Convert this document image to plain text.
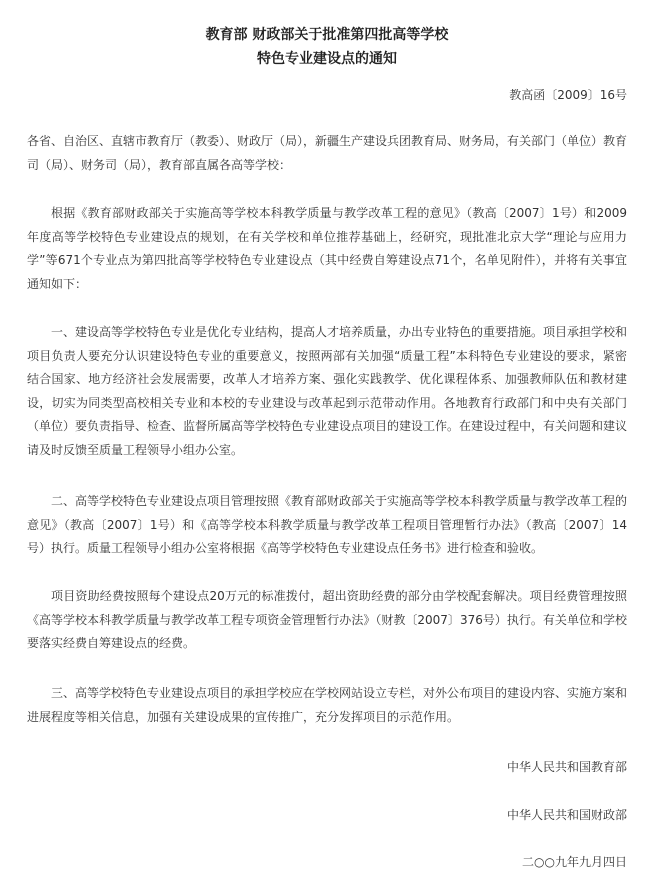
教育部 财政部关于批准第四批高等学校
特色专业建设点的通知
教高函〔2009〕16号

各省、自治区、直辖市教育厅（教委）、财政厅（局），新疆生产建设兵团教育局、财务局，有关部门（单位）教育司（局）、财务司（局），教育部直属各高等学校：

根据《教育部财政部关于实施高等学校本科教学质量与教学改革工程的意见》（教高〔2007〕1号）和2009年度高等学校特色专业建设点的规划，在有关学校和单位推荐基础上，经研究，现批准北京大学“理论与应用力学”等671个专业点为第四批高等学校特色专业建设点（其中经费自筹建设点71个，名单见附件），并将有关事宜通知如下：

一、建设高等学校特色专业是优化专业结构，提高人才培养质量，办出专业特色的重要措施。项目承担学校和项目负责人要充分认识建设特色专业的重要意义，按照两部有关加强“质量工程”本科特色专业建设的要求，紧密结合国家、地方经济社会发展需要，改革人才培养方案、强化实践教学、优化课程体系、加强教师队伍和教材建设，切实为同类型高校相关专业和本校的专业建设与改革起到示范带动作用。各地教育行政部门和中央有关部门（单位）要负责指导、检查、监督所属高等学校特色专业建设点项目的建设工作。在建设过程中，有关问题和建议请及时反馈至质量工程领导小组办公室。

二、高等学校特色专业建设点项目管理按照《教育部财政部关于实施高等学校本科教学质量与教学改革工程的意见》（教高〔2007〕1号）和《高等学校本科教学质量与教学改革工程项目管理暂行办法》（教高〔2007〕14号）执行。质量工程领导小组办公室将根据《高等学校特色专业建设点任务书》进行检查和验收。

项目资助经费按照每个建设点20万元的标准拨付，超出资助经费的部分由学校配套解决。项目经费管理按照《高等学校本科教学质量与教学改革工程专项资金管理暂行办法》（财教〔2007〕376号）执行。有关单位和学校要落实经费自筹建设点的经费。

三、高等学校特色专业建设点项目的承担学校应在学校网站设立专栏，对外公布项目的建设内容、实施方案和进展程度等相关信息，加强有关建设成果的宣传推广，充分发挥项目的示范作用。

中华人民共和国教育部
中华人民共和国财政部
二○○九年九月四日
